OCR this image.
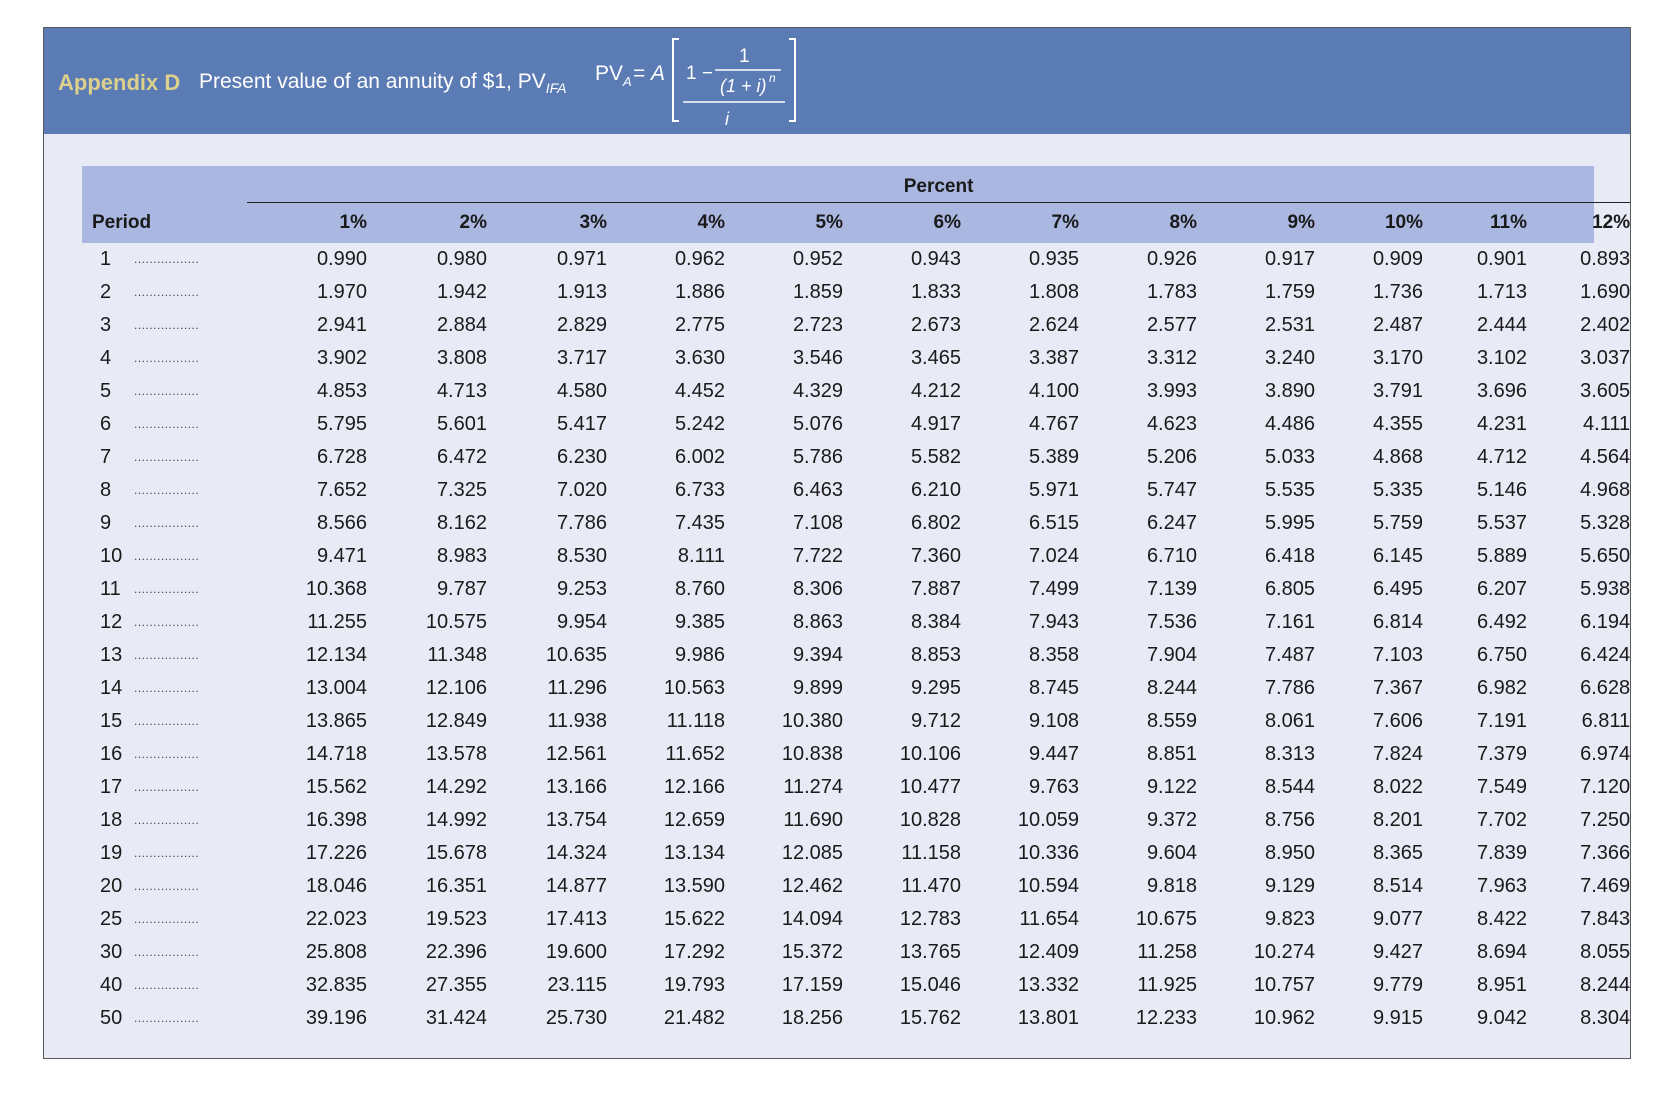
Appendix D Present value of an annuity of $1, $PV_{IFA}$
PV A = A 1 −
1
(1 + i) n
i

	Percent											

Period	1%	2%	3%	4%	5%	6%	7%	8%	9%	10%	11%	12%
1 .................	0.990	0.980	0.971	0.962	0.952	0.943	0.935	0.926	0.917	0.909	0.901	0.893
2 .................	1.970	1.942	1.913	1.886	1.859	1.833	1.808	1.783	1.759	1.736	1.713	1.690
3 .................	2.941	2.884	2.829	2.775	2.723	2.673	2.624	2.577	2.531	2.487	2.444	2.402
4 .................	3.902	3.808	3.717	3.630	3.546	3.465	3.387	3.312	3.240	3.170	3.102	3.037
5 .................	4.853	4.713	4.580	4.452	4.329	4.212	4.100	3.993	3.890	3.791	3.696	3.605
6 .................	5.795	5.601	5.417	5.242	5.076	4.917	4.767	4.623	4.486	4.355	4.231	4.111
7 .................	6.728	6.472	6.230	6.002	5.786	5.582	5.389	5.206	5.033	4.868	4.712	4.564
8 .................	7.652	7.325	7.020	6.733	6.463	6.210	5.971	5.747	5.535	5.335	5.146	4.968
9 .................	8.566	8.162	7.786	7.435	7.108	6.802	6.515	6.247	5.995	5.759	5.537	5.328
10 .................	9.471	8.983	8.530	8.111	7.722	7.360	7.024	6.710	6.418	6.145	5.889	5.650
11 .................	10.368	9.787	9.253	8.760	8.306	7.887	7.499	7.139	6.805	6.495	6.207	5.938
12 .................	11.255	10.575	9.954	9.385	8.863	8.384	7.943	7.536	7.161	6.814	6.492	6.194
13 .................	12.134	11.348	10.635	9.986	9.394	8.853	8.358	7.904	7.487	7.103	6.750	6.424
14 .................	13.004	12.106	11.296	10.563	9.899	9.295	8.745	8.244	7.786	7.367	6.982	6.628
15 .................	13.865	12.849	11.938	11.118	10.380	9.712	9.108	8.559	8.061	7.606	7.191	6.811
16 .................	14.718	13.578	12.561	11.652	10.838	10.106	9.447	8.851	8.313	7.824	7.379	6.974
17 .................	15.562	14.292	13.166	12.166	11.274	10.477	9.763	9.122	8.544	8.022	7.549	7.120
18 .................	16.398	14.992	13.754	12.659	11.690	10.828	10.059	9.372	8.756	8.201	7.702	7.250
19 .................	17.226	15.678	14.324	13.134	12.085	11.158	10.336	9.604	8.950	8.365	7.839	7.366
20 .................	18.046	16.351	14.877	13.590	12.462	11.470	10.594	9.818	9.129	8.514	7.963	7.469
25 .................	22.023	19.523	17.413	15.622	14.094	12.783	11.654	10.675	9.823	9.077	8.422	7.843
30 .................	25.808	22.396	19.600	17.292	15.372	13.765	12.409	11.258	10.274	9.427	8.694	8.055
40 .................	32.835	27.355	23.115	19.793	17.159	15.046	13.332	11.925	10.757	9.779	8.951	8.244
50 .................	39.196	31.424	25.730	21.482	18.256	15.762	13.801	12.233	10.962	9.915	9.042	8.304
